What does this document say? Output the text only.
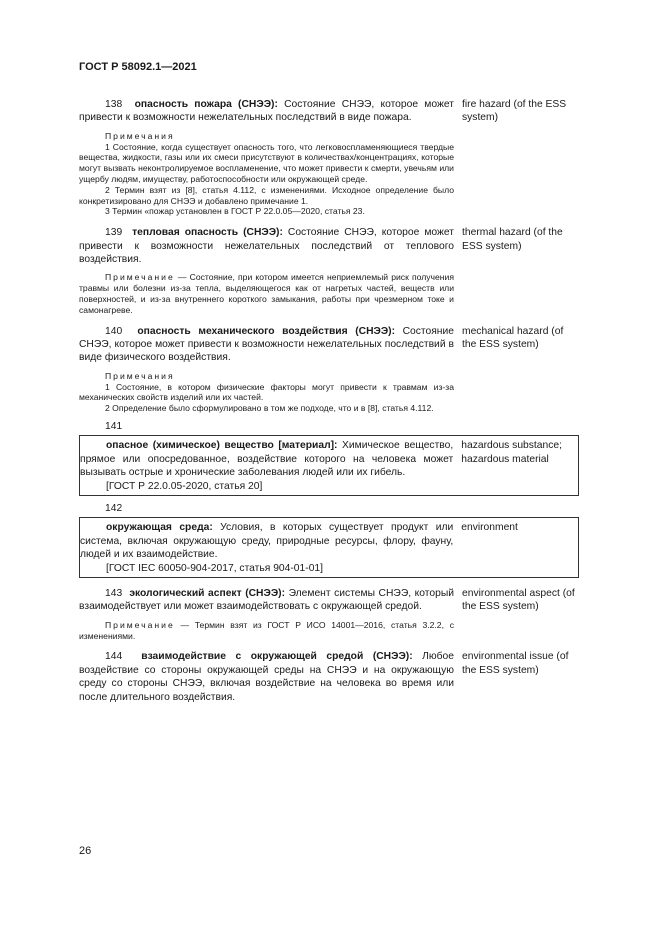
ГОСТ Р 58092.1—2021
138 опасность пожара (СНЭЭ): Состояние СНЭЭ, которое может привести к возможности нежелательных последствий в виде пожара.
Примечания
1 Состояние, когда существует опасность того, что легковоспламеняющиеся твердые вещества, жидкости, газы или их смеси присутствуют в количествах/концентрациях, которые могут вызвать неконтролируемое воспламенение, что может привести к смерти, увечьям или ущербу людям, имуществу, работоспособности или окружающей среде.
2 Термин взят из [8], статья 4.112, с изменениями. Исходное определение было конкретизировано для СНЭЭ и добавлено примечание 1.
3 Термин «пожар установлен в ГОСТ Р 22.0.05—2020, статья 23.
fire hazard (of the ESS system)
139 тепловая опасность (СНЭЭ): Состояние СНЭЭ, которое может привести к возможности нежелательных последствий от теплового воздействия.
Примечание — Состояние, при котором имеется неприемлемый риск получения травмы или болезни из-за тепла, выделяющегося как от нагретых частей, веществ или поверхностей, и из-за внутреннего короткого замыкания, работы при чрезмерном токе и самонагреве.
thermal hazard (of the ESS system)
140 опасность механического воздействия (СНЭЭ): Состояние СНЭЭ, которое может привести к возможности нежелательных последствий в виде физического воздействия.
Примечания
1 Состояние, в котором физические факторы могут привести к травмам из-за механических свойств изделий или их частей.
2 Определение было сформулировано в том же подходе, что и в [8], статья 4.112.
mechanical hazard (of the ESS system)
141
опасное (химическое) вещество [материал]: Химическое вещество, прямое или опосредованное, воздействие которого на человека может вызывать острые и хронические заболевания людей или их гибель.
[ГОСТ Р 22.0.05-2020, статья 20]
hazardous substance; hazardous material
142
окружающая среда: Условия, в которых существует продукт или система, включая окружающую среду, природные ресурсы, флору, фауну, людей и их взаимодействие.
[ГОСТ IEC 60050-904-2017, статья 904-01-01]
environment
143 экологический аспект (СНЭЭ): Элемент системы СНЭЭ, который взаимодействует или может взаимодействовать с окружающей средой.
Примечание — Термин взят из ГОСТ Р ИСО 14001—2016, статья 3.2.2, с изменениями.
environmental aspect (of the ESS system)
144 взаимодействие с окружающей средой (СНЭЭ): Любое воздействие со стороны окружающей среды на СНЭЭ и на окружающую среду со стороны СНЭЭ, включая воздействие на человека во время или после длительного воздействия.
environmental issue (of the ESS system)
26
